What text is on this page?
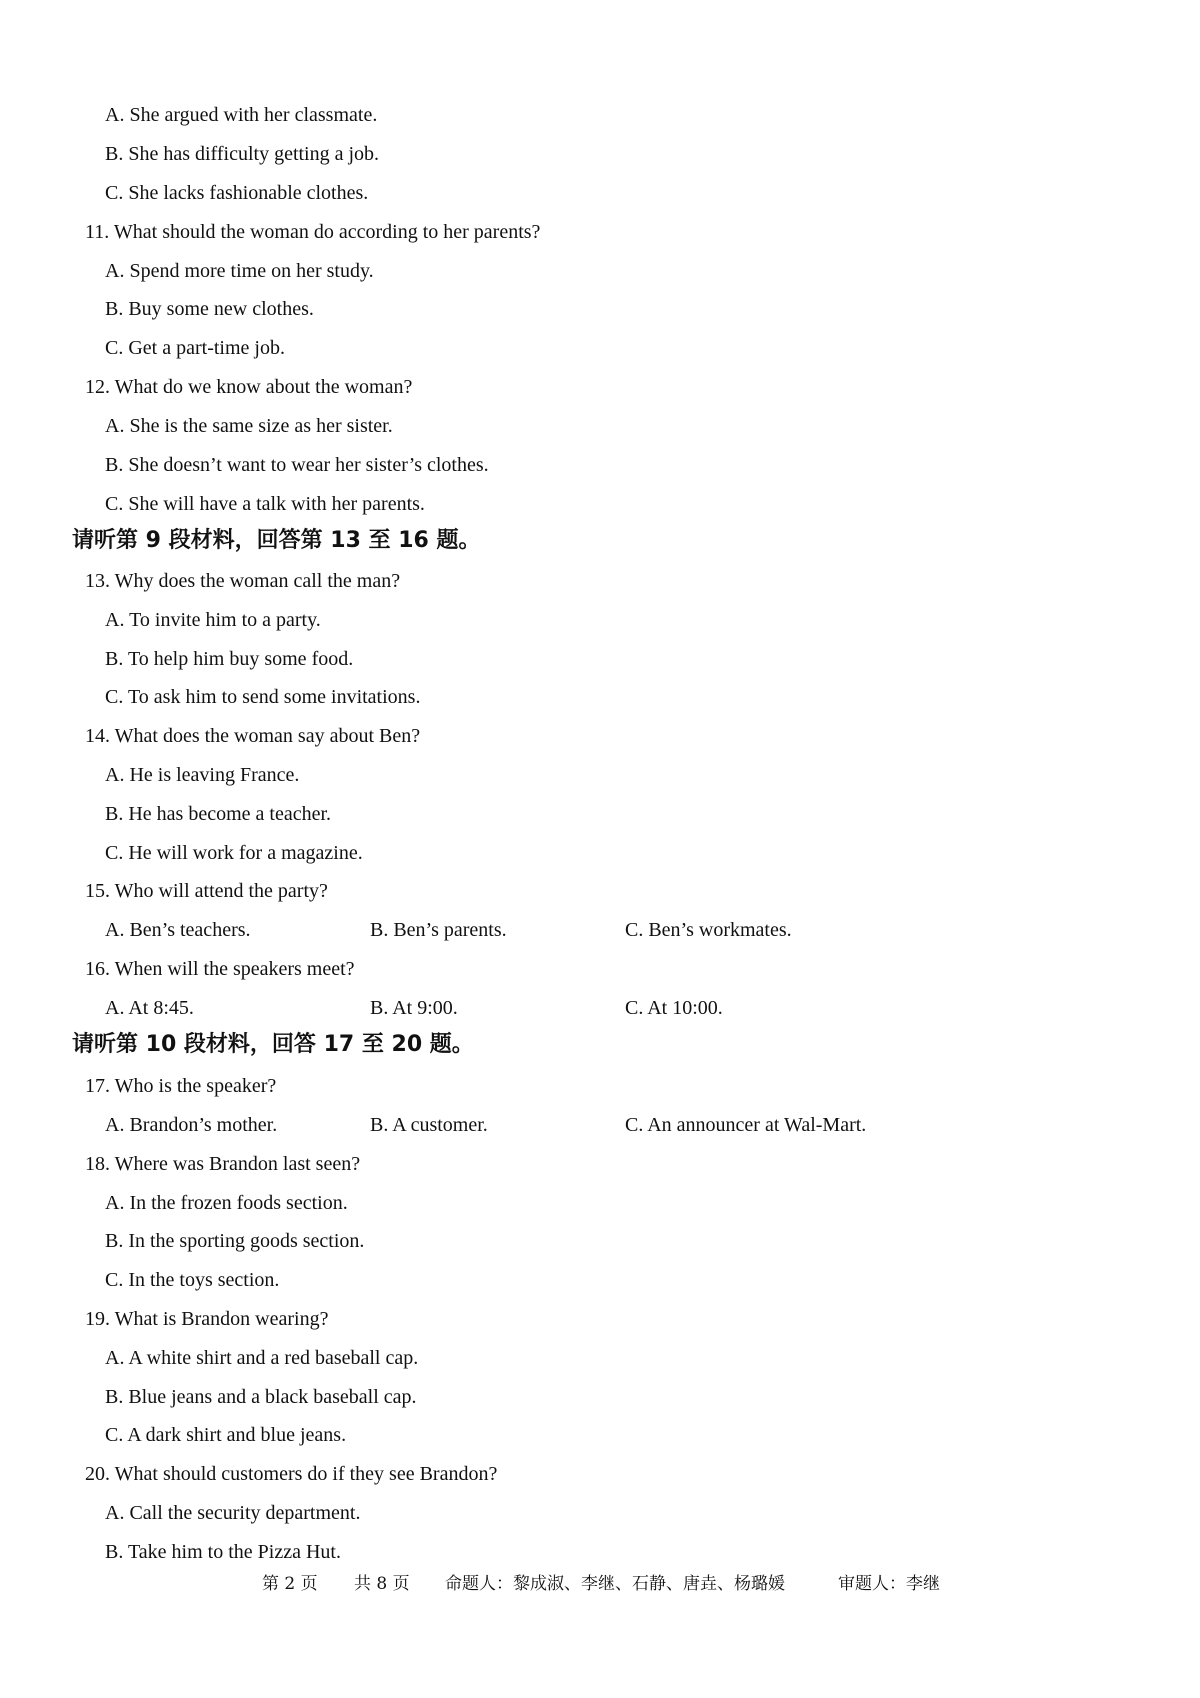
A. She argued with her classmate.
B. She has difficulty getting a job.
C. She lacks fashionable clothes.
11. What should the woman do according to her parents?
A. Spend more time on her study.
B. Buy some new clothes.
C. Get a part-time job.
12. What do we know about the woman?
A. She is the same size as her sister.
B. She doesn’t want to wear her sister’s clothes.
C. She will have a talk with her parents.
请听第 9 段材料，回答第 13 至 16 题。
13. Why does the woman call the man?
A. To invite him to a party.
B. To help him buy some food.
C. To ask him to send some invitations.
14. What does the woman say about Ben?
A. He is leaving France.
B. He has become a teacher.
C. He will work for a magazine.
15. Who will attend the party?
A. Ben’s teachers.	B. Ben’s parents.	C. Ben’s workmates.
16. When will the speakers meet?
A. At 8:45.	B. At 9:00.	C. At 10:00.
请听第 10 段材料，回答 17 至 20 题。
17. Who is the speaker?
A. Brandon’s mother.	B. A customer.	C. An announcer at Wal-Mart.
18. Where was Brandon last seen?
A. In the frozen foods section.
B. In the sporting goods section.
C. In the toys section.
19. What is Brandon wearing?
A. A white shirt and a red baseball cap.
B. Blue jeans and a black baseball cap.
C. A dark shirt and blue jeans.
20. What should customers do if they see Brandon?
A. Call the security department.
B. Take him to the Pizza Hut.
第 2 页 共 8 页 命题人：黎成淑、李继、石静、唐垚、杨璐媛	审题人：李继
